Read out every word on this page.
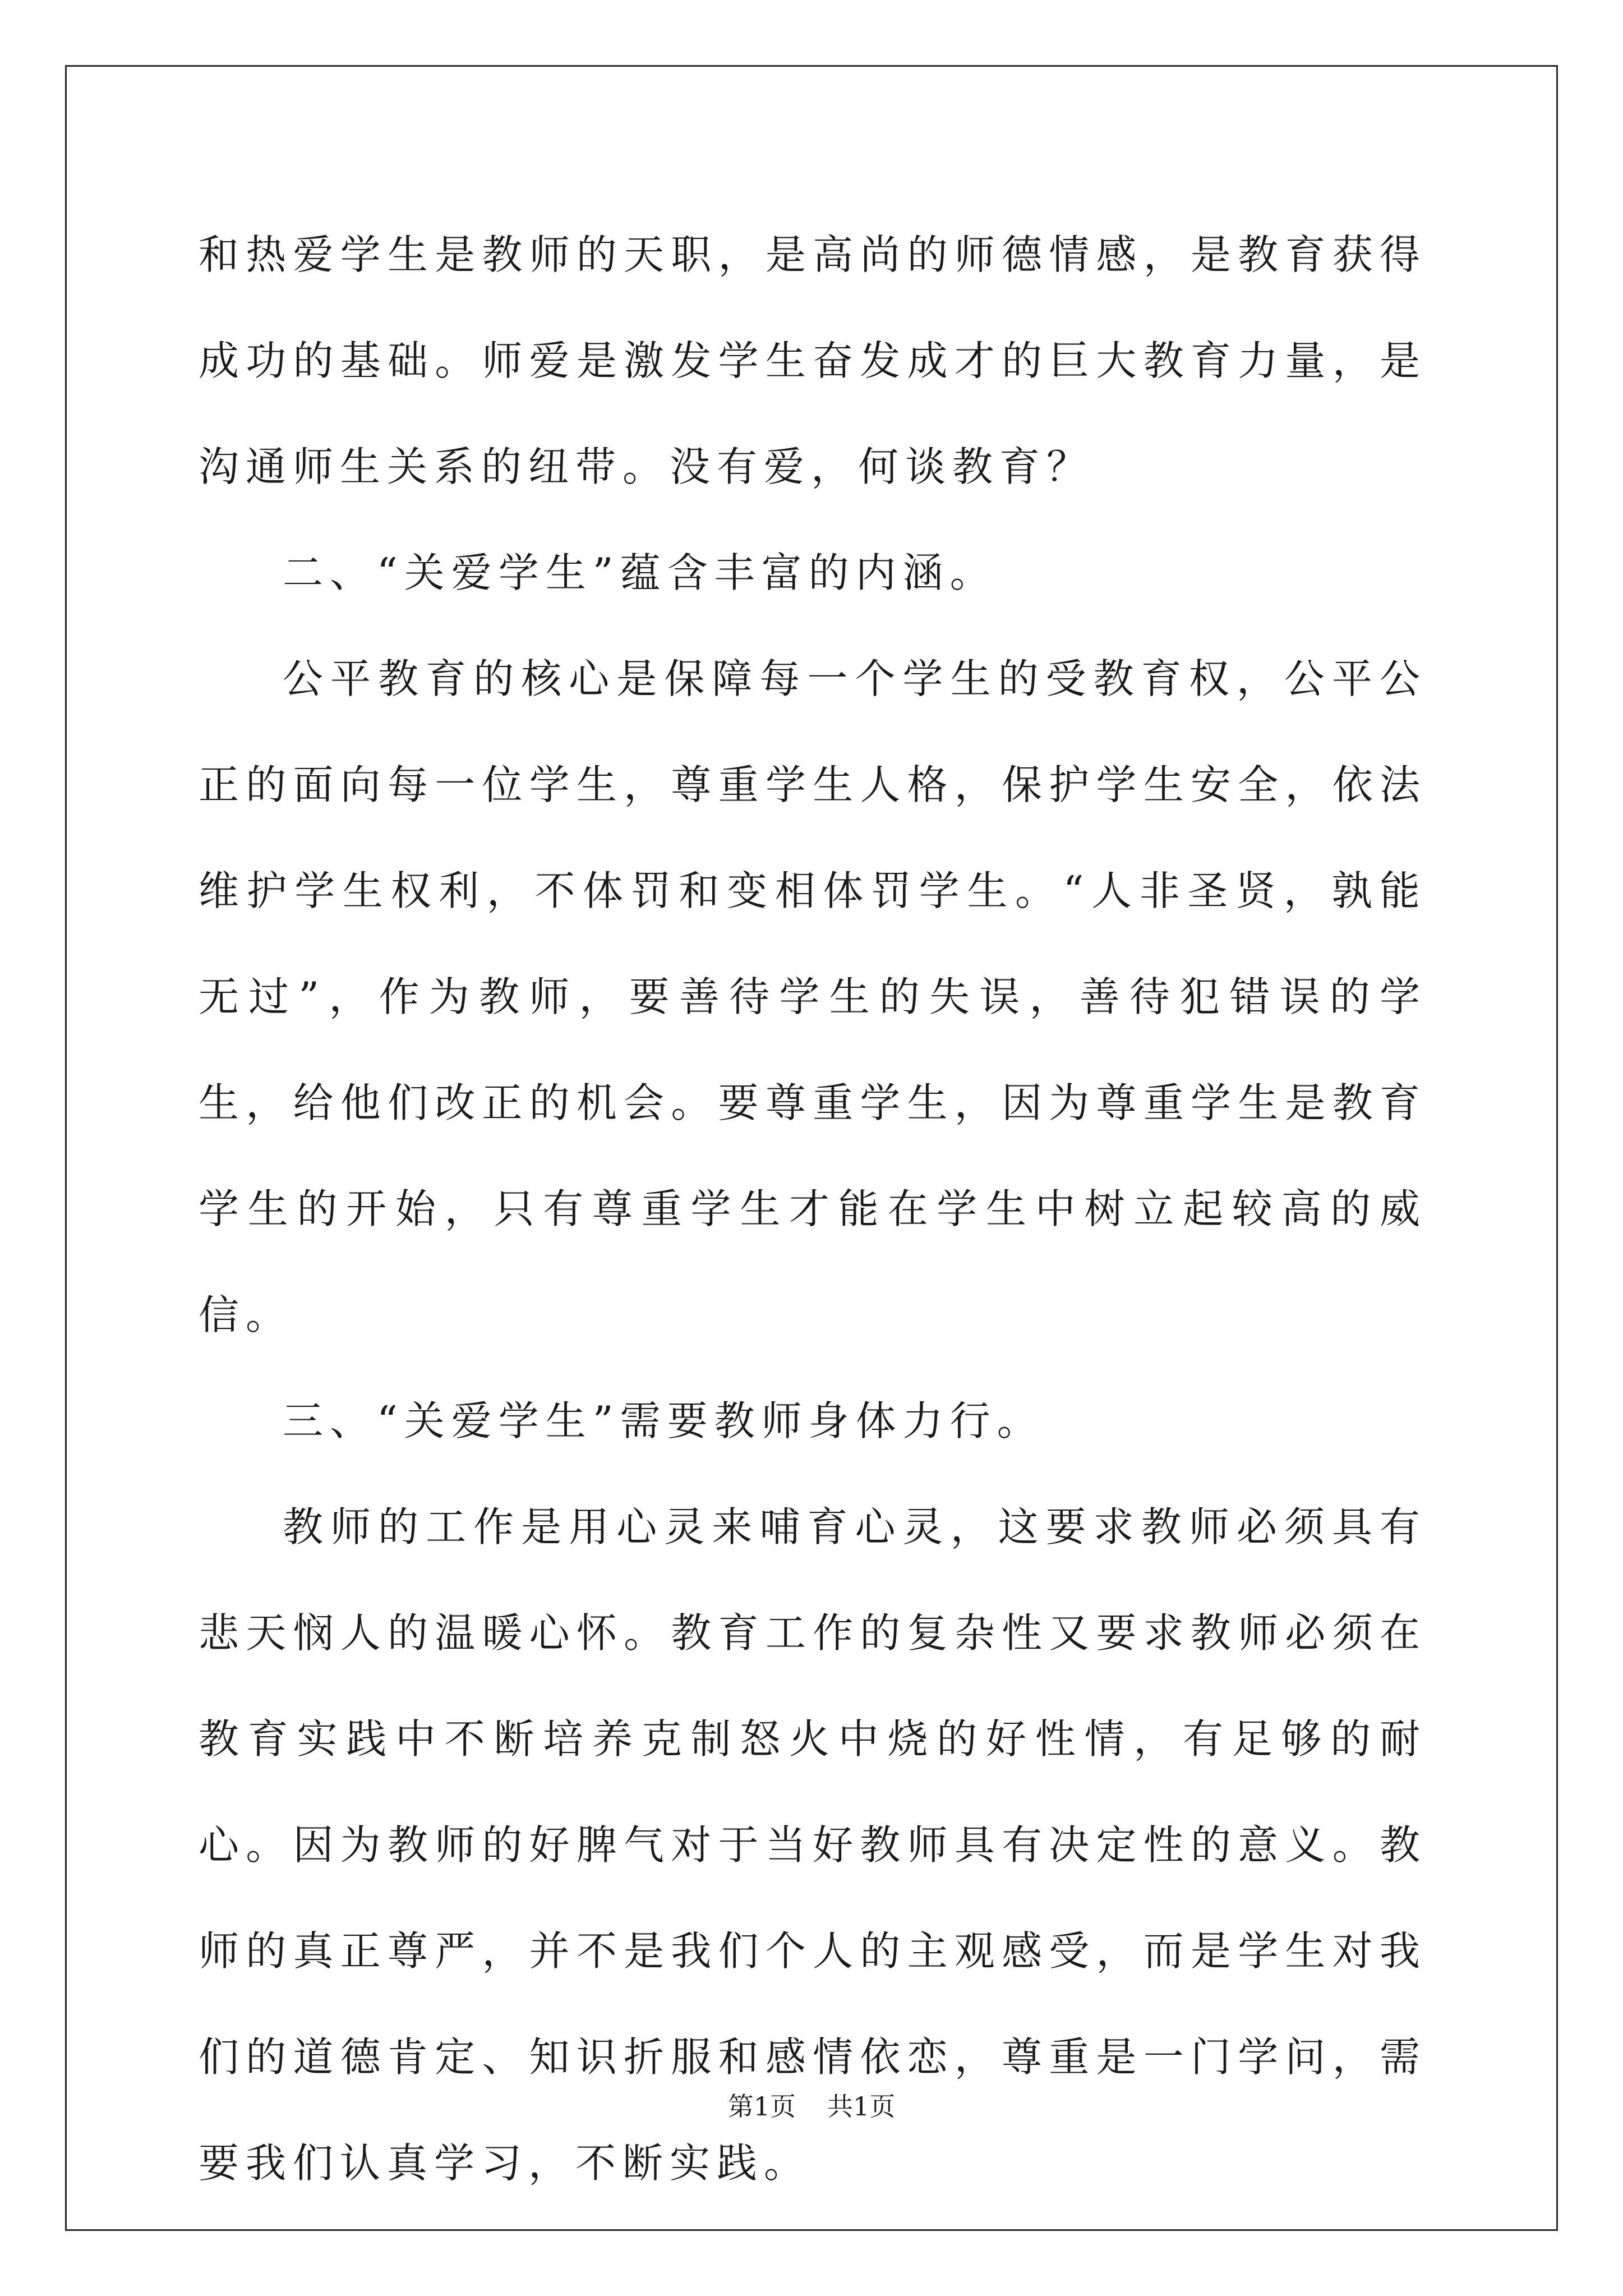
和热爱学生是教师的天职，是高尚的师德情感，是教育获得成功的基础。师爱是激发学生奋发成才的巨大教育力量，是沟通师生关系的纽带。没有爱，何谈教育？

二、“关爱学生”蕴含丰富的内涵。

公平教育的核心是保障每一个学生的受教育权，公平公正的面向每一位学生，尊重学生人格，保护学生安全，依法维护学生权利，不体罚和变相体罚学生。“人非圣贤，孰能无过”，作为教师，要善待学生的失误，善待犯错误的学生，给他们改正的机会。要尊重学生，因为尊重学生是教育学生的开始，只有尊重学生才能在学生中树立起较高的威信。

三、“关爱学生”需要教师身体力行。

教师的工作是用心灵来哺育心灵，这要求教师必须具有悲天悯人的温暖心怀。教育工作的复杂性又要求教师必须在教育实践中不断培养克制怒火中烧的好性情，有足够的耐心。因为教师的好脾气对于当好教师具有决定性的意义。教师的真正尊严，并不是我们个人的主观感受，而是学生对我们的道德肯定、知识折服和感情依恋，尊重是一门学问，需要我们认真学习，不断实践。

第1页 共1页
